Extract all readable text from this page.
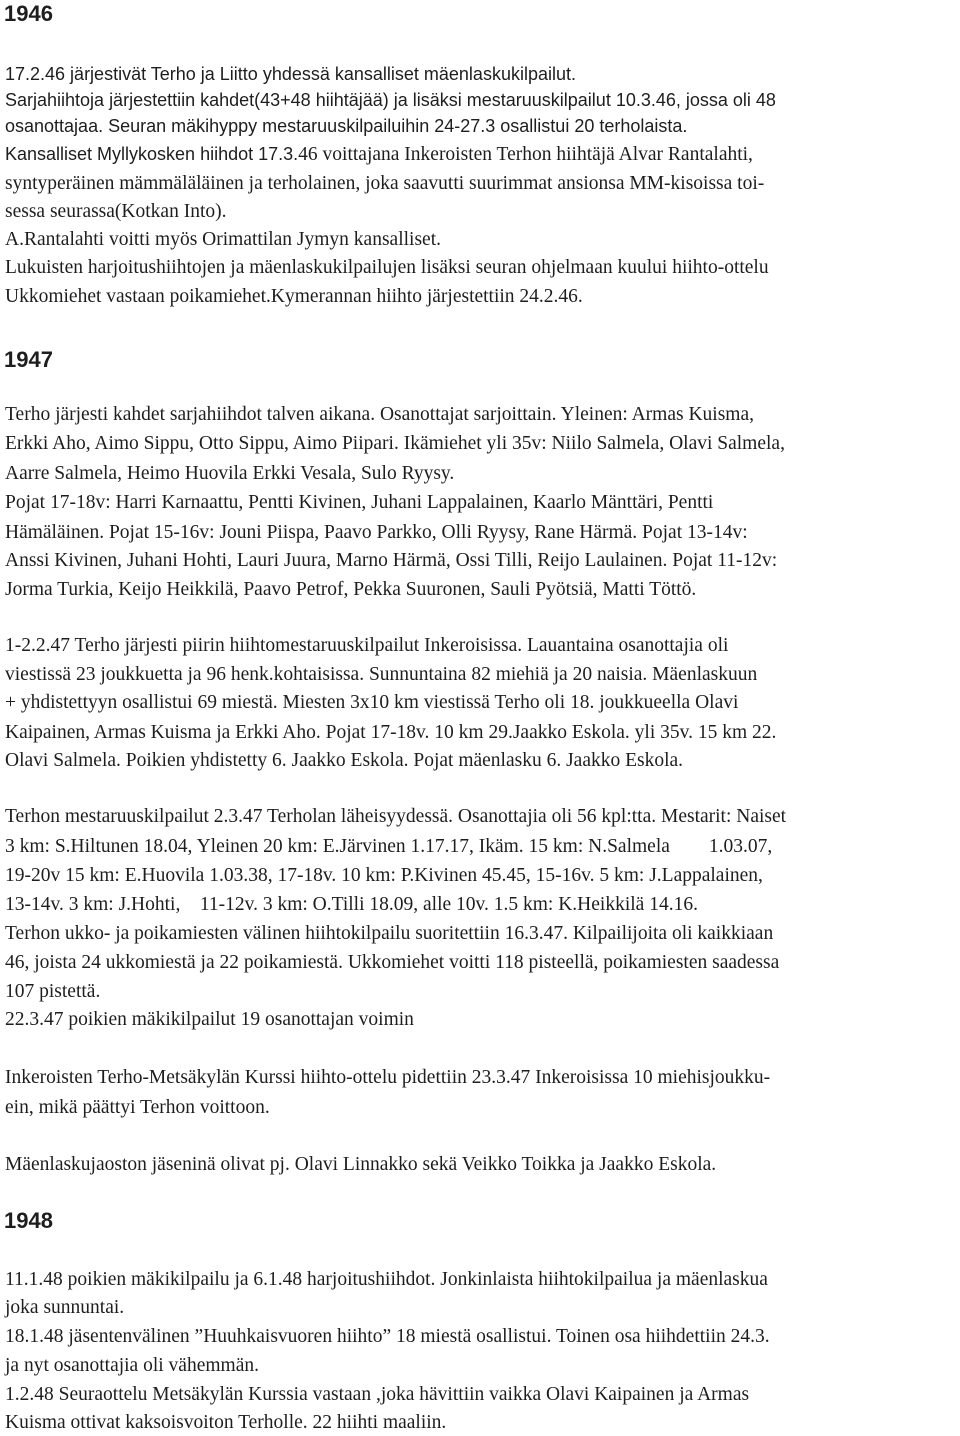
1946
17.2.46 järjestivät Terho ja Liitto yhdessä kansalliset mäenlaskukilpailut.
Sarjahiihtoja järjestettiin kahdet(43+48 hiihtäjää) ja lisäksi mestaruuskilpailut 10.3.46, jossa oli 48
osanottajaa. Seuran mäkihyppy mestaruuskilpailuihin 24-27.3 osallistui 20 terholaista.
Kansalliset Myllykosken hiihdot 17.3.46 voittajana Inkeroisten Terhon hiihtäjä Alvar Rantalahti,
syntyperäinen mämmäläläinen ja terholainen, joka saavutti suurimmat ansionsa MM-kisoissa toi-
sessa seurassa(Kotkan Into).
A.Rantalahti voitti myös Orimattilan Jymyn kansalliset.
Lukuisten harjoitushiihtojen ja mäenlaskukilpailujen lisäksi seuran ohjelmaan kuului hiihto-ottelu
Ukkomiehet vastaan poikamiehet.Kymerannan hiihto järjestettiin 24.2.46.
1947
Terho järjesti kahdet sarjahiihdot talven aikana. Osanottajat sarjoittain. Yleinen: Armas Kuisma,
Erkki Aho, Aimo Sippu, Otto Sippu, Aimo Piipari. Ikämiehet yli 35v: Niilo Salmela, Olavi Salmela,
Aarre Salmela, Heimo Huovila Erkki Vesala, Sulo Ryysy.
Pojat 17-18v: Harri Karnaattu, Pentti Kivinen, Juhani Lappalainen, Kaarlo Mänttäri, Pentti
Hämäläinen. Pojat 15-16v: Jouni Piispa, Paavo Parkko, Olli Ryysy, Rane Härmä. Pojat 13-14v:
Anssi Kivinen, Juhani Hohti, Lauri Juura, Marno Härmä, Ossi Tilli, Reijo Laulainen. Pojat 11-12v:
Jorma Turkia, Keijo Heikkilä, Paavo Petrof, Pekka Suuronen, Sauli Pyötsiä, Matti Töttö.
1-2.2.47 Terho järjesti piirin hiihtomestaruuskilpailut Inkeroisissa. Lauantaina osanottajia oli
viestissä 23 joukkuetta ja 96 henk.kohtaisissa. Sunnuntaina 82 miehiä ja 20 naisia. Mäenlaskuun
+ yhdistettyyn osallistui 69 miestä. Miesten 3x10 km viestissä Terho oli 18. joukkueella Olavi
Kaipainen, Armas Kuisma ja Erkki Aho. Pojat 17-18v. 10 km 29.Jaakko Eskola. yli 35v. 15 km 22.
Olavi Salmela. Poikien yhdistetty 6. Jaakko Eskola. Pojat mäenlasku 6. Jaakko Eskola.
Terhon mestaruuskilpailut 2.3.47 Terholan läheisyydessä. Osanottajia oli 56 kpl:tta. Mestarit: Naiset
3 km: S.Hiltunen 18.04, Yleinen 20 km: E.Järvinen 1.17.17, Ikäm. 15 km: N.Salmela        1.03.07,
19-20v 15 km: E.Huovila 1.03.38, 17-18v. 10 km: P.Kivinen 45.45, 15-16v. 5 km: J.Lappalainen,
13-14v. 3 km: J.Hohti,    11-12v. 3 km: O.Tilli 18.09, alle 10v. 1.5 km: K.Heikkilä 14.16.
Terhon ukko- ja poikamiesten välinen hiihtokilpailu suoritettiin 16.3.47. Kilpailijoita oli kaikkiaan
46, joista 24 ukkomiestä ja 22 poikamiestä. Ukkomiehet voitti 118 pisteellä, poikamiesten saadessa
107 pistettä.
22.3.47 poikien mäkikilpailut 19 osanottajan voimin
Inkeroisten Terho-Metsäkylän Kurssi hiihto-ottelu pidettiin 23.3.47 Inkeroisissa 10 miehisjoukku-
ein, mikä päättyi Terhon voittoon.
Mäenlaskujaoston jäseninä olivat pj. Olavi Linnakko sekä Veikko Toikka ja Jaakko Eskola.
1948
11.1.48 poikien mäkikilpailu ja 6.1.48 harjoitushiihdot. Jonkinlaista hiihtokilpailua ja mäenlaskua
joka sunnuntai.
18.1.48 jäsentenvälinen ”Huuhkaisvuoren hiihto” 18 miestä osallistui. Toinen osa hiihdettiin 24.3.
ja nyt osanottajia oli vähemmän.
1.2.48 Seuraottelu Metsäkylän Kurssia vastaan ,joka hävittiin vaikka Olavi Kaipainen ja Armas
Kuisma ottivat kaksoisvoiton Terholle. 22 hiihti maaliin.
